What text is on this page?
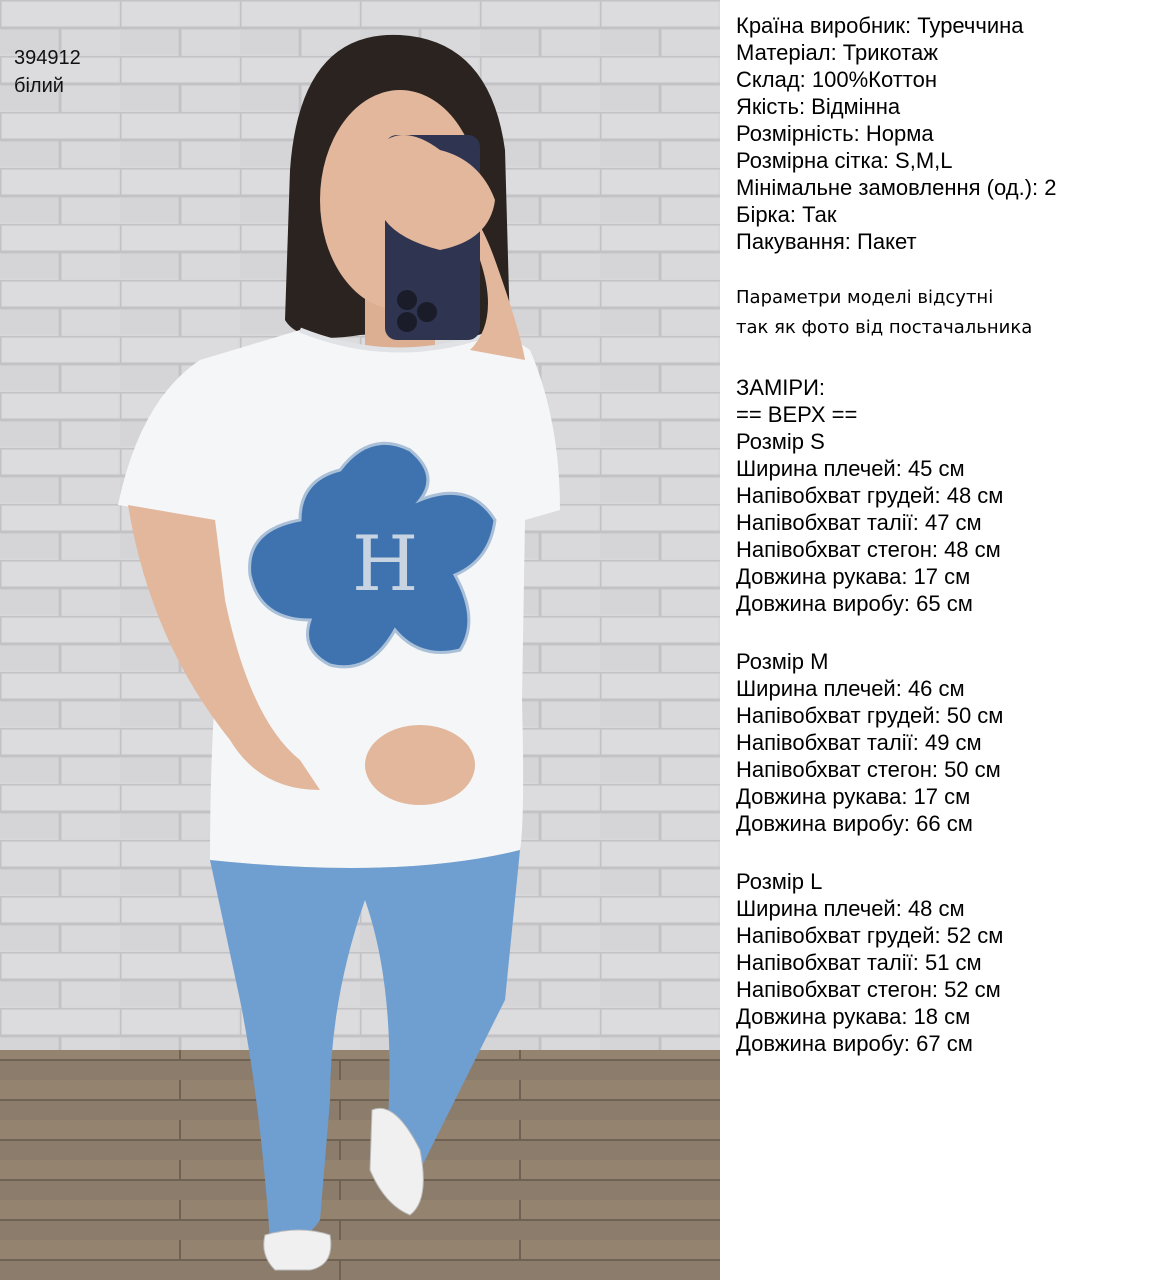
H
394912
білий
Країна виробник: Туреччина
Матеріал: Трикотаж
Склад: 100%Коттон
Якість: Відмінна
Розмірність: Норма
Розмірна сітка: S,M,L
Мінімальне замовлення (од.): 2
Бірка: Так
Пакування: Пакет
Параметри моделі відсутні
так як фото від постачальника
ЗАМІРИ:
== ВЕРХ ==
Розмір S
Ширина плечей: 45 см
Напівобхват грудей: 48 см
Напівобхват талії: 47 см
Напівобхват стегон: 48 см
Довжина рукава: 17 см
Довжина виробу: 65 см
Розмір M
Ширина плечей: 46 см
Напівобхват грудей: 50 см
Напівобхват талії: 49 см
Напівобхват стегон: 50 см
Довжина рукава: 17 см
Довжина виробу: 66 см
Розмір L
Ширина плечей: 48 см
Напівобхват грудей: 52 см
Напівобхват талії: 51 см
Напівобхват стегон: 52 см
Довжина рукава: 18 см
Довжина виробу: 67 см
